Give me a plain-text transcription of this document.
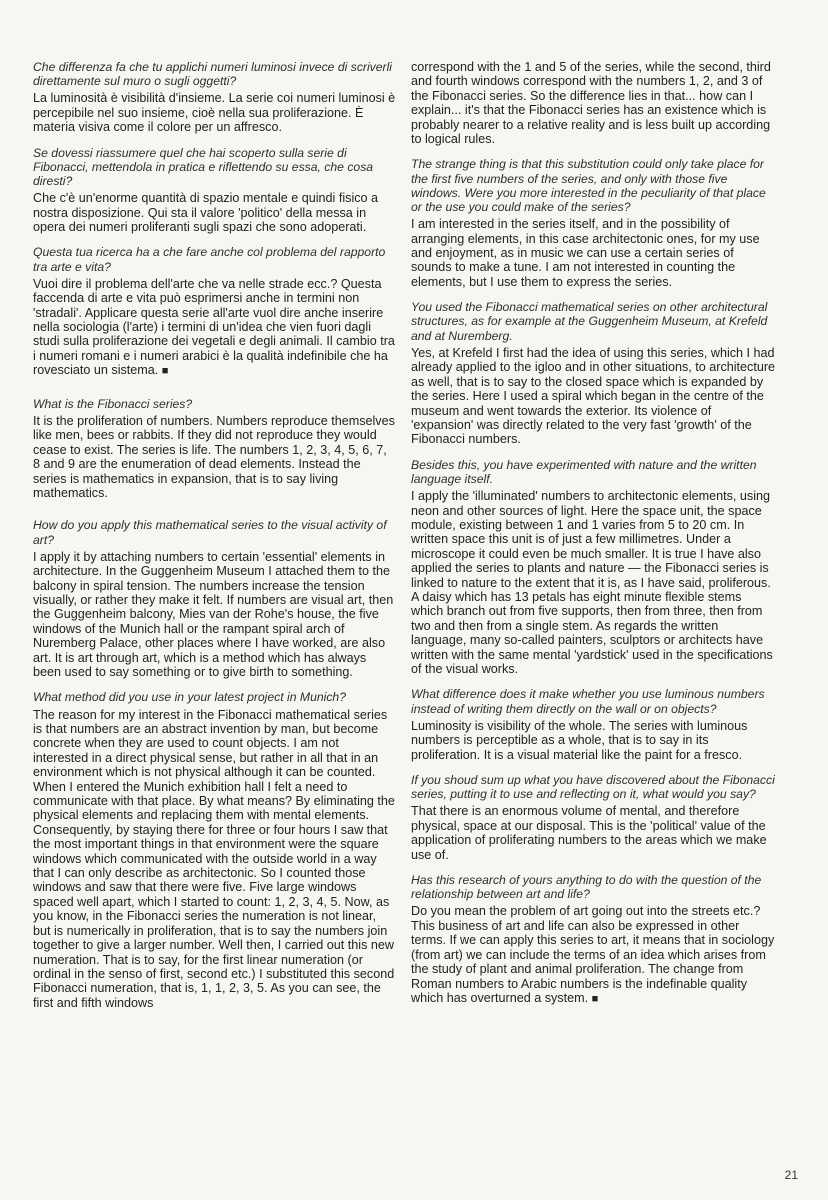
Che differenza fa che tu applichi numeri luminosi invece di scriverli direttamente sul muro o sugli oggetti?

La luminosità è visibilità d'insieme. La serie coi numeri luminosi è percepibile nel suo insieme, cioè nella sua proliferazione. È materia visiva come il colore per un affresco.

Se dovessi riassumere quel che hai scoperto sulla serie di Fibonacci, mettendola in pratica e riflettendo su essa, che cosa diresti?

Che c'è un'enorme quantità di spazio mentale e quindi fisico a nostra disposizione. Qui sta il valore 'politico' della messa in opera dei numeri proliferanti sugli spazi che sono adoperati.

Questa tua ricerca ha a che fare anche col problema del rapporto tra arte e vita?

Vuoi dire il problema dell'arte che va nelle strade ecc.? Questa faccenda di arte e vita può esprimersi anche in termini non 'stradali'. Applicare questa serie all'arte vuol dire anche inserire nella sociologia (l'arte) i termini di un'idea che vien fuori dagli studi sulla proliferazione dei vegetali e degli animali. Il cambio tra i numeri romani e i numeri arabici è la qualità indefinibile che ha rovesciato un sistema. ■

What is the Fibonacci series?

It is the proliferation of numbers. Numbers reproduce themselves like men, bees or rabbits. If they did not reproduce they would cease to exist. The series is life. The numbers 1, 2, 3, 4, 5, 6, 7, 8 and 9 are the enumeration of dead elements. Instead the series is mathematics in expansion, that is to say living mathematics.

How do you apply this mathematical series to the visual activity of art?

I apply it by attaching numbers to certain 'essential' elements in architecture. In the Guggenheim Museum I attached them to the balcony in spiral tension. The numbers increase the tension visually, or rather they make it felt. If numbers are visual art, then the Guggenheim balcony, Mies van der Rohe's house, the five windows of the Munich hall or the rampant spiral arch of Nuremberg Palace, other places where I have worked, are also art. It is art through art, which is a method which has always been used to say something or to give birth to something.

What method did you use in your latest project in Munich?

The reason for my interest in the Fibonacci mathematical series is that numbers are an abstract invention by man, but become concrete when they are used to count objects. I am not interested in a direct physical sense, but rather in all that in an environment which is not physical although it can be counted. When I entered the Munich exhibition hall I felt a need to communicate with that place. By what means? By eliminating the physical elements and replacing them with mental elements. Consequently, by staying there for three or four hours I saw that the most important things in that environment were the square windows which communicated with the outside world in a way that I can only describe as architectonic. So I counted those windows and saw that there were five. Five large windows spaced well apart, which I started to count: 1, 2, 3, 4, 5. Now, as you know, in the Fibonacci series the numeration is not linear, but is numerically in proliferation, that is to say the numbers join together to give a larger number. Well then, I carried out this new numeration. That is to say, for the first linear numeration (or ordinal in the senso of first, second etc.) I substituted this second Fibonacci numeration, that is, 1, 1, 2, 3, 5. As you can see, the first and fifth windows

correspond with the 1 and 5 of the series, while the second, third and fourth windows correspond with the numbers 1, 2, and 3 of the Fibonacci series. So the difference lies in that... how can I explain... it's that the Fibonacci series has an existence which is probably nearer to a relative reality and is less built up according to logical rules.

The strange thing is that this substitution could only take place for the first five numbers of the series, and only with those five windows. Were you more interested in the peculiarity of that place or the use you could make of the series?

I am interested in the series itself, and in the possibility of arranging elements, in this case architectonic ones, for my use and enjoyment, as in music we can use a certain series of sounds to make a tune. I am not interested in counting the elements, but I use them to express the series.

You used the Fibonacci mathematical series on other architectural structures, as for example at the Guggenheim Museum, at Krefeld and at Nuremberg.

Yes, at Krefeld I first had the idea of using this series, which I had already applied to the igloo and in other situations, to architecture as well, that is to say to the closed space which is expanded by the series. Here I used a spiral which began in the centre of the museum and went towards the exterior. Its violence of 'expansion' was directly related to the very fast 'growth' of the Fibonacci numbers.

Besides this, you have experimented with nature and the written language itself.

I apply the 'illuminated' numbers to architectonic elements, using neon and other sources of light. Here the space unit, the space module, existing between 1 and 1 varies from 5 to 20 cm. In written space this unit is of just a few millimetres. Under a microscope it could even be much smaller. It is true I have also applied the series to plants and nature — the Fibonacci series is linked to nature to the extent that it is, as I have said, proliferous. A daisy which has 13 petals has eight minute flexible stems which branch out from five supports, then from three, then from two and then from a single stem. As regards the written language, many so-called painters, sculptors or architects have written with the same mental 'yardstick' used in the specifications of the visual works.

What difference does it make whether you use luminous numbers instead of writing them directly on the wall or on objects?

Luminosity is visibility of the whole. The series with luminous numbers is perceptible as a whole, that is to say in its proliferation. It is a visual material like the paint for a fresco.

If you shoud sum up what you have discovered about the Fibonacci series, putting it to use and reflecting on it, what would you say?

That there is an enormous volume of mental, and therefore physical, space at our disposal. This is the 'political' value of the application of proliferating numbers to the areas which we make use of.

Has this research of yours anything to do with the question of the relationship between art and life?

Do you mean the problem of art going out into the streets etc.? This business of art and life can also be expressed in other terms. If we can apply this series to art, it means that in sociology (from art) we can include the terms of an idea which arises from the study of plant and animal proliferation. The change from Roman numbers to Arabic numbers is the indefinable quality which has overturned a system. ■

21
